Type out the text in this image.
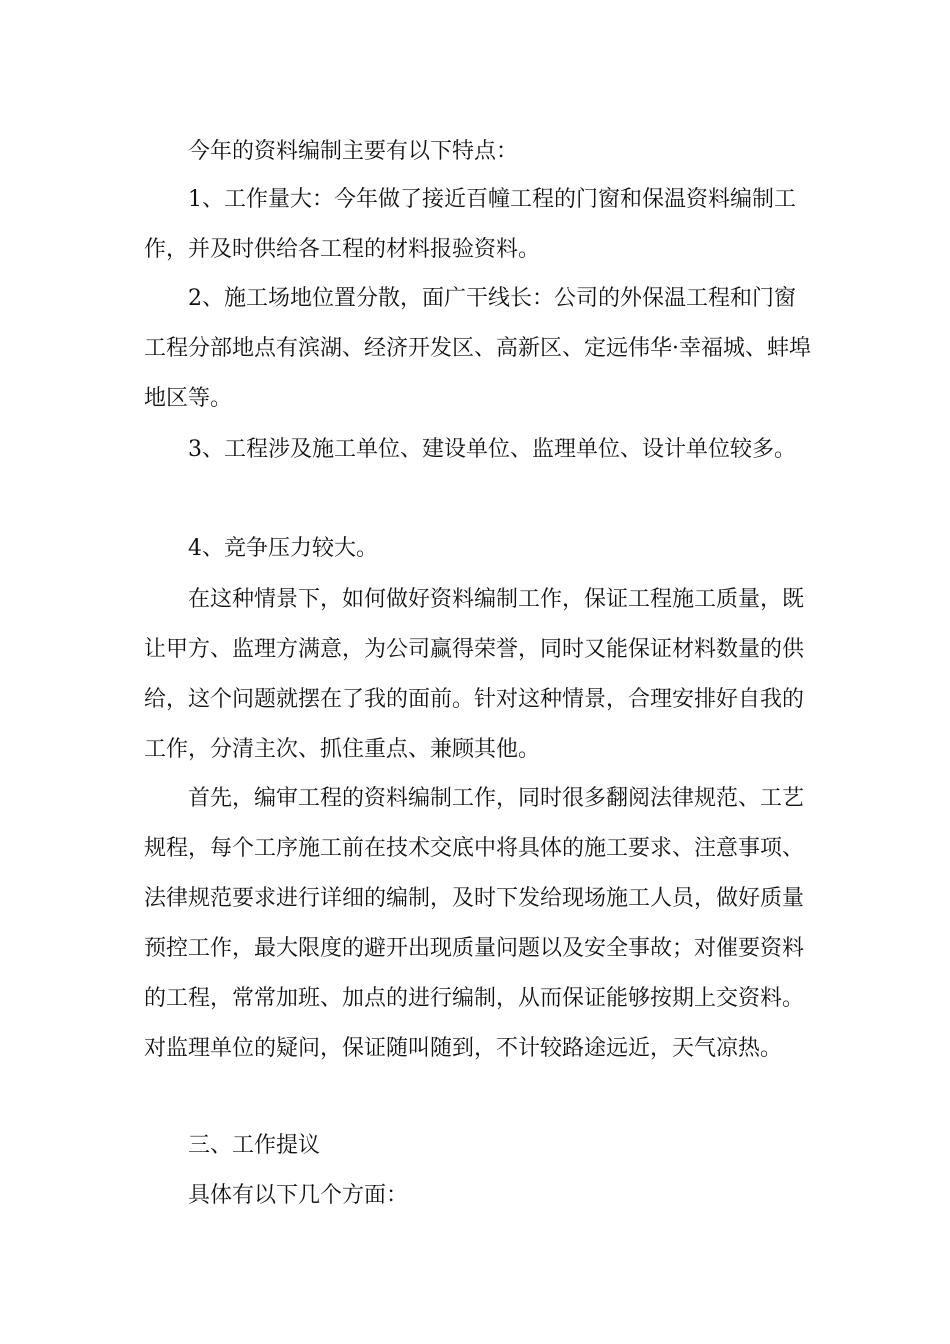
今年的资料编制主要有以下特点：

1、工作量大：今年做了接近百幢工程的门窗和保温资料编制工作，并及时供给各工程的材料报验资料。

2、施工场地位置分散，面广干线长：公司的外保温工程和门窗工程分部地点有滨湖、经济开发区、高新区、定远伟华·幸福城、蚌埠地区等。

3、工程涉及施工单位、建设单位、监理单位、设计单位较多。

4、竞争压力较大。

在这种情景下，如何做好资料编制工作，保证工程施工质量，既让甲方、监理方满意，为公司赢得荣誉，同时又能保证材料数量的供给，这个问题就摆在了我的面前。针对这种情景，合理安排好自我的工作，分清主次、抓住重点、兼顾其他。

首先，编审工程的资料编制工作，同时很多翻阅法律规范、工艺规程，每个工序施工前在技术交底中将具体的施工要求、注意事项、法律规范要求进行详细的编制，及时下发给现场施工人员，做好质量预控工作，最大限度的避开出现质量问题以及安全事故；对催要资料的工程，常常加班、加点的进行编制，从而保证能够按期上交资料。对监理单位的疑问，保证随叫随到，不计较路途远近，天气凉热。

三、工作提议

具体有以下几个方面：
